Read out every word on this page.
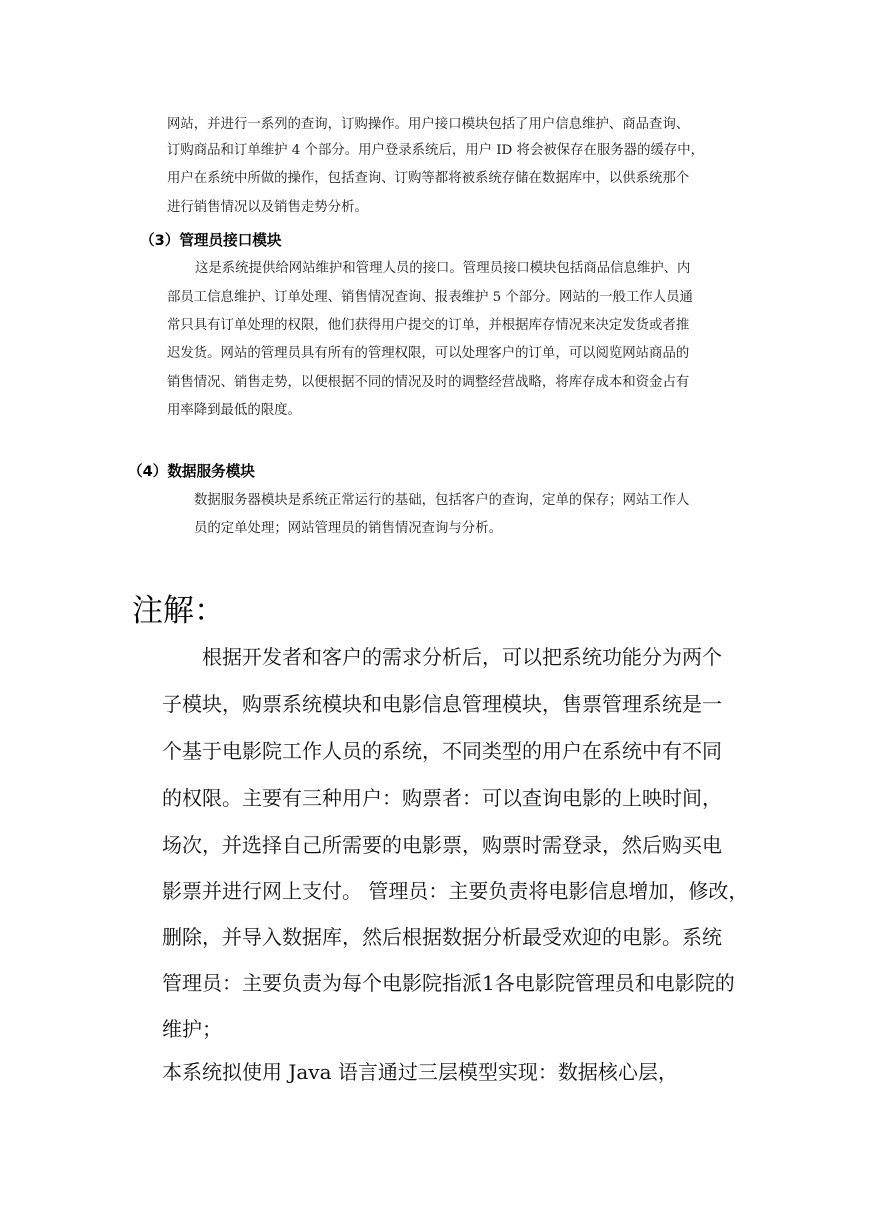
网站，并进行一系列的查询，订购操作。用户接口模块包括了用户信息维护、商品查询、

订购商品和订单维护 4 个部分。用户登录系统后，用户 ID 将会被保存在服务器的缓存中，

用户在系统中所做的操作，包括查询、订购等都将被系统存储在数据库中，以供系统那个

进行销售情况以及销售走势分析。

（3）管理员接口模块

这是系统提供给网站维护和管理人员的接口。管理员接口模块包括商品信息维护、内

部员工信息维护、订单处理、销售情况查询、报表维护 5 个部分。网站的一般工作人员通

常只具有订单处理的权限，他们获得用户提交的订单，并根据库存情况来决定发货或者推

迟发货。网站的管理员具有所有的管理权限，可以处理客户的订单，可以阅览网站商品的

销售情况、销售走势，以便根据不同的情况及时的调整经营战略，将库存成本和资金占有

用率降到最低的限度。

（4）数据服务模块

数据服务器模块是系统正常运行的基础，包括客户的查询，定单的保存；网站工作人

员的定单处理；网站管理员的销售情况查询与分析。

注解：

根据开发者和客户的需求分析后，可以把系统功能分为两个

子模块，购票系统模块和电影信息管理模块，售票管理系统是一

个基于电影院工作人员的系统，不同类型的用户在系统中有不同

的权限。主要有三种用户：购票者：可以查询电影的上映时间，

场次，并选择自己所需要的电影票，购票时需登录，然后购买电

影票并进行网上支付。 管理员：主要负责将电影信息增加，修改，

删除，并导入数据库，然后根据数据分析最受欢迎的电影。系统

管理员：主要负责为每个电影院指派1各电影院管理员和电影院的

维护；

本系统拟使用 Java 语言通过三层模型实现：数据核心层，
